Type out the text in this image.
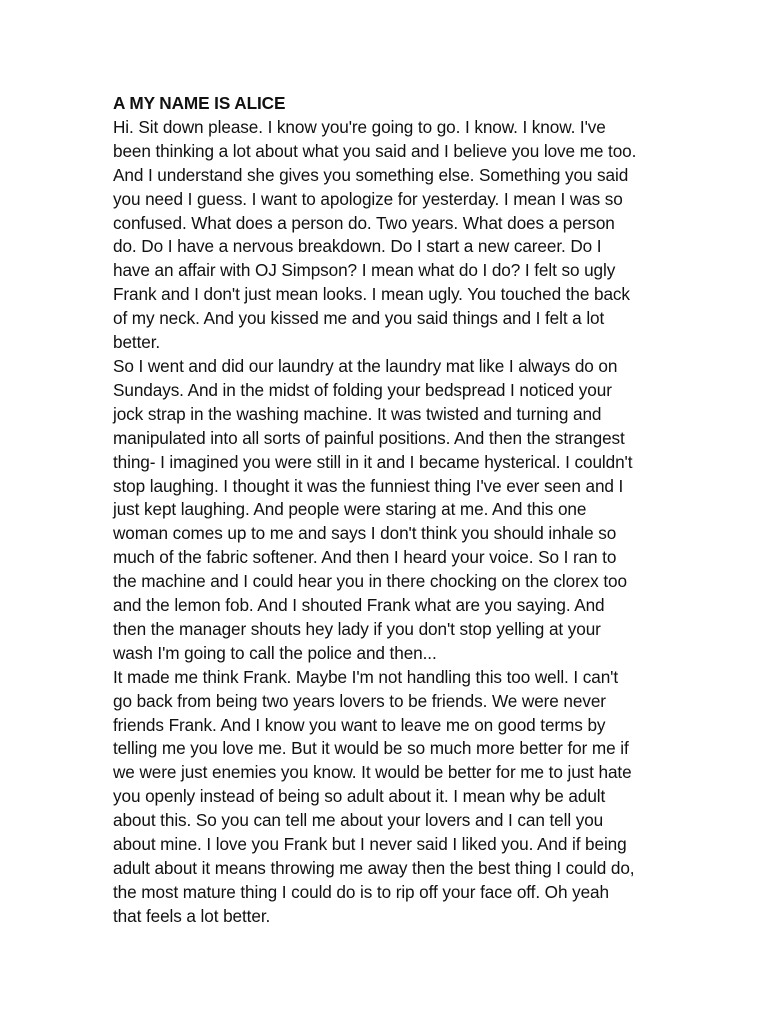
A MY NAME IS ALICE
Hi. Sit down please. I know you're going to go. I know. I know. I've
been thinking a lot about what you said and I believe you love me too.
And I understand she gives you something else. Something you said
you need I guess. I want to apologize for yesterday. I mean I was so
confused. What does a person do. Two years. What does a person
do. Do I have a nervous breakdown. Do I start a new career. Do I
have an affair with OJ Simpson? I mean what do I do? I felt so ugly
Frank and I don't just mean looks. I mean ugly. You touched the back
of my neck. And you kissed me and you said things and I felt a lot
better.
So I went and did our laundry at the laundry mat like I always do on
Sundays. And in the midst of folding your bedspread I noticed your
jock strap in the washing machine. It was twisted and turning and
manipulated into all sorts of painful positions. And then the strangest
thing- I imagined you were still in it and I became hysterical. I couldn't
stop laughing. I thought it was the funniest thing I've ever seen and I
just kept laughing. And people were staring at me. And this one
woman comes up to me and says I don't think you should inhale so
much of the fabric softener. And then I heard your voice. So I ran to
the machine and I could hear you in there chocking on the clorex too
and the lemon fob. And I shouted Frank what are you saying. And
then the manager shouts hey lady if you don't stop yelling at your
wash I'm going to call the police and then...
It made me think Frank. Maybe I'm not handling this too well. I can't
go back from being two years lovers to be friends. We were never
friends Frank. And I know you want to leave me on good terms by
telling me you love me. But it would be so much more better for me if
we were just enemies you know. It would be better for me to just hate
you openly instead of being so adult about it. I mean why be adult
about this. So you can tell me about your lovers and I can tell you
about mine. I love you Frank but I never said I liked you. And if being
adult about it means throwing me away then the best thing I could do,
the most mature thing I could do is to rip off your face off. Oh yeah
that feels a lot better.
